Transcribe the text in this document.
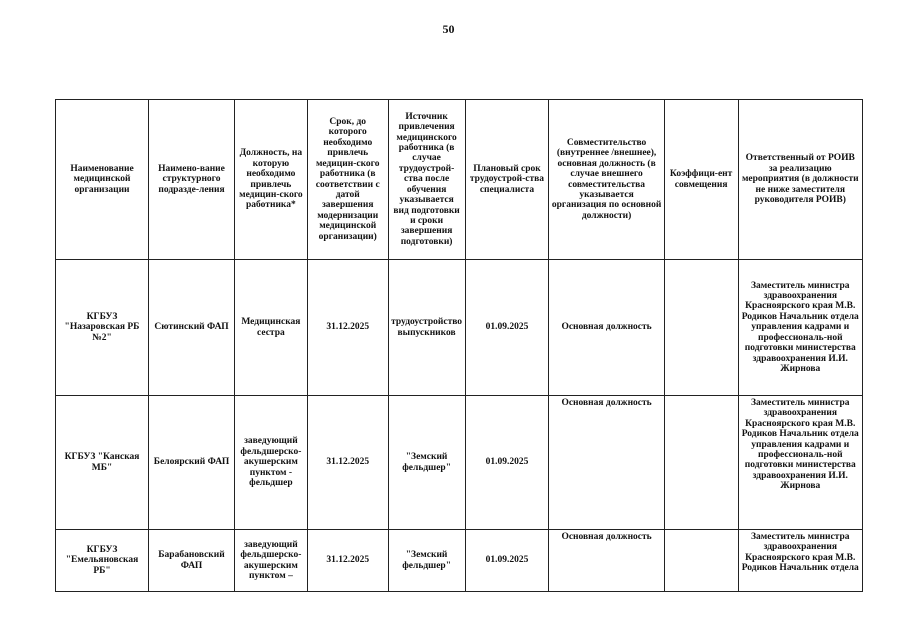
50
Наименование медицинской организации	Наимено-вание структурного подразде-ления	Должность, на которую необходимо привлечь медицин-ского работника*	Срок, до которого необходимо привлечь медицин-ского работника (в соответствии с датой завершения модернизации медицинской организации)	Источник привлечения медицинского работника (в случае трудоустрой-ства после обучения указывается вид подготовки и сроки завершения подготовки)	Плановый срок трудоустрой-ства специалиста	Совместительство (внутреннее /внешнее), основная должность (в случае внешнего совместительства указывается организация по основной должности)	Коэффици-ент совмещения	Ответственный от РОИВ за реализацию мероприятия (в должности не ниже заместителя руководителя РОИВ)
КГБУЗ "Назаровская РБ №2"	Сютинский ФАП	Медицинская сестра	31.12.2025	трудоустройство выпускников	01.09.2025	Основная должность		Заместитель министра здравоохранения Красноярского края М.В. Родиков Начальник отдела управления кадрами и профессиональ-ной подготовки министерства здравоохранения И.И. Жирнова
КГБУЗ "Канская МБ"	Белоярский ФАП	заведующий фельдшерско-акушерским пунктом - фельдшер	31.12.2025	"Земский фельдшер"	01.09.2025	Основная должность		Заместитель министра здравоохранения Красноярского края М.В. Родиков Начальник отдела управления кадрами и профессиональ-ной подготовки министерства здравоохранения И.И. Жирнова
КГБУЗ "Емельяновская РБ"	Барабановский ФАП	заведующий фельдшерско-акушерским пунктом –	31.12.2025	"Земский фельдшер"	01.09.2025	Основная должность		Заместитель министра здравоохранения Красноярского края М.В. Родиков Начальник отдела
